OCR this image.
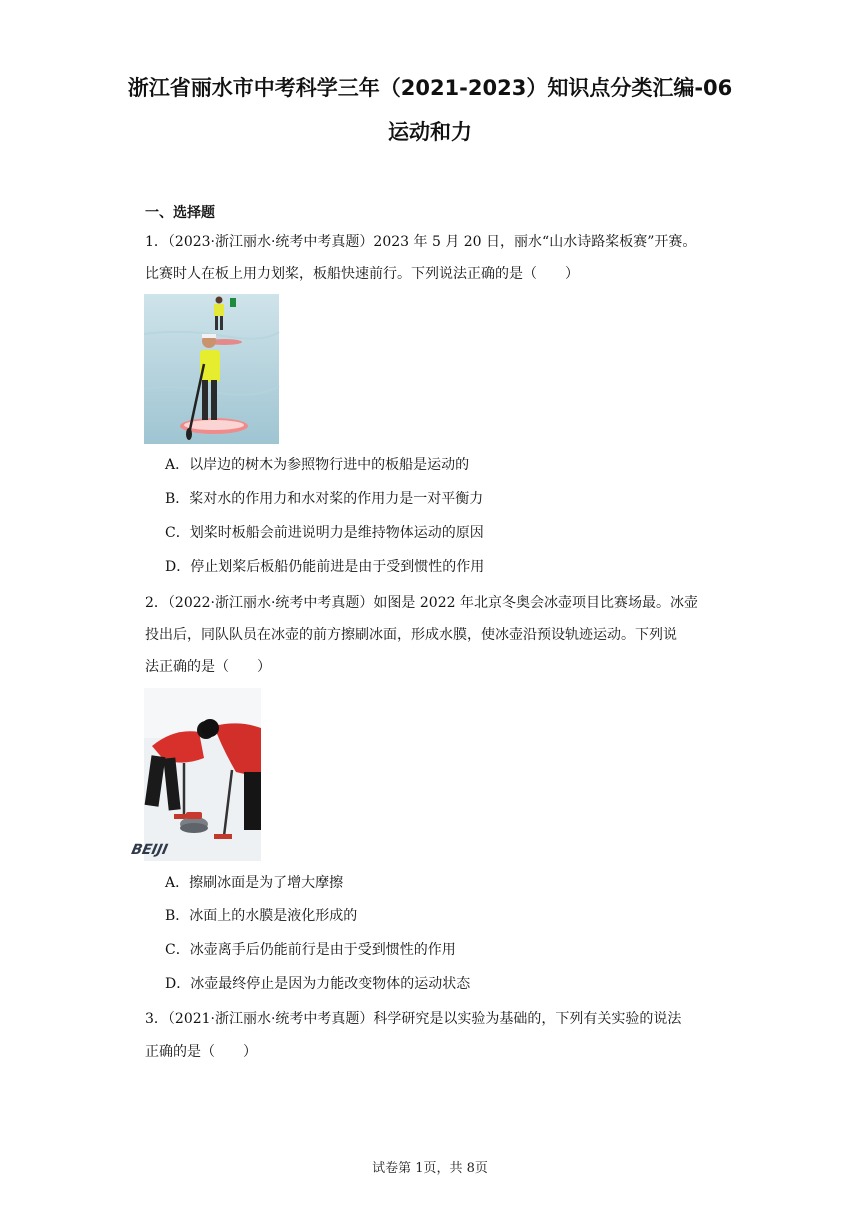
浙江省丽水市中考科学三年（2021-2023）知识点分类汇编-06
运动和力
一、选择题
1．（2023·浙江丽水·统考中考真题）2023 年 5 月 20 日，丽水“山水诗路桨板赛”开赛。
比赛时人在板上用力划桨，板船快速前行。下列说法正确的是（　　）
A．以岸边的树木为参照物行进中的板船是运动的
B．桨对水的作用力和水对桨的作用力是一对平衡力
C．划桨时板船会前进说明力是维持物体运动的原因
D．停止划桨后板船仍能前进是由于受到惯性的作用
2．（2022·浙江丽水·统考中考真题）如图是 2022 年北京冬奥会冰壶项目比赛场最。冰壶
投出后，同队队员在冰壶的前方擦刷冰面，形成水膜，使冰壶沿预设轨迹运动。下列说
法正确的是（　　）
BEIJI
A．擦刷冰面是为了增大摩擦
B．冰面上的水膜是液化形成的
C．冰壶离手后仍能前行是由于受到惯性的作用
D．冰壶最终停止是因为力能改变物体的运动状态
3．（2021·浙江丽水·统考中考真题）科学研究是以实验为基础的，下列有关实验的说法
正确的是（　　）
试卷第 1页，共 8页
